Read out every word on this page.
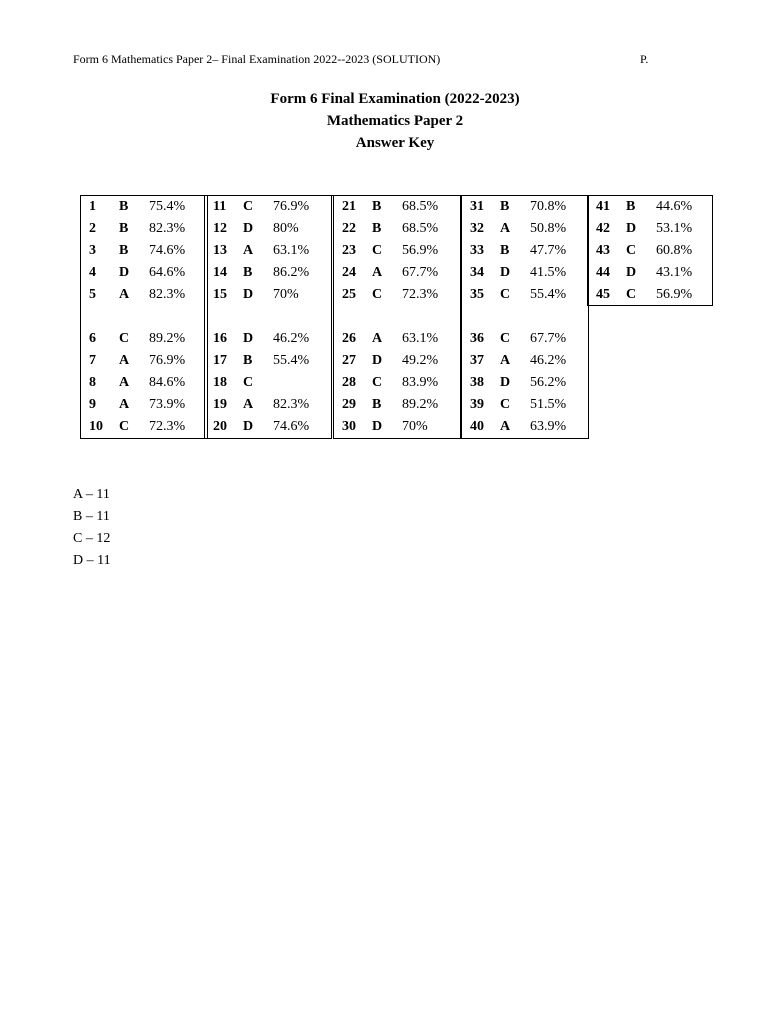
Form 6 Mathematics Paper 2– Final Examination 2022--2023 (SOLUTION)	P.
Form 6 Final Examination (2022-2023)
Mathematics Paper 2
Answer Key
1 B 75.4%
2 B 82.3%
3 B 74.6%
4 D 64.6%
5 A 82.3%
6 C 89.2%
7 A 76.9%
8 A 84.6%
9 A 73.9%
10 C 72.3%
11 C 76.9%
12 D 80%
13 A 63.1%
14 B 86.2%
15 D 70%
16 D 46.2%
17 B 55.4%
18 C
19 A 82.3%
20 D 74.6%
21 B 68.5%
22 B 68.5%
23 C 56.9%
24 A 67.7%
25 C 72.3%
26 A 63.1%
27 D 49.2%
28 C 83.9%
29 B 89.2%
30 D 70%
31 B 70.8%
32 A 50.8%
33 B 47.7%
34 D 41.5%
35 C 55.4%
36 C 67.7%
37 A 46.2%
38 D 56.2%
39 C 51.5%
40 A 63.9%
41 B 44.6%
42 D 53.1%
43 C 60.8%
44 D 43.1%
45 C 56.9%
A – 11
B – 11
C – 12
D – 11
